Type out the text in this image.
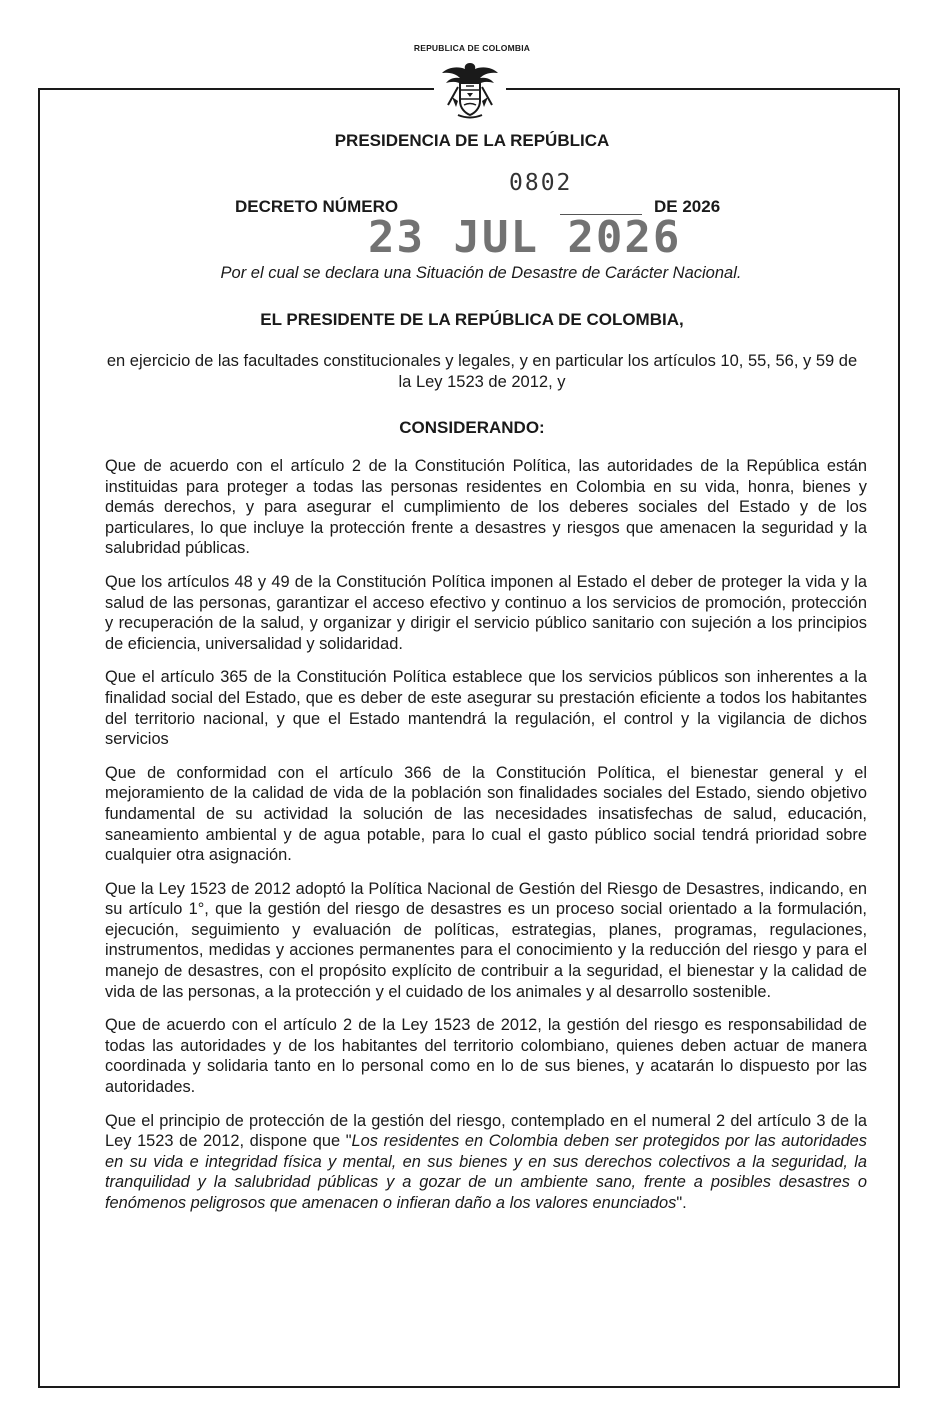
REPUBLICA DE COLOMBIA
PRESIDENCIA DE LA REPÚBLICA
0802
DECRETO NÚMERO	DE 2026
23 JUL 2026
Por el cual se declara una Situación de Desastre de Carácter Nacional.
EL PRESIDENTE DE LA REPÚBLICA DE COLOMBIA,
en ejercicio de las facultades constitucionales y legales, y en particular los artículos 10, 55, 56, y 59 de la Ley 1523 de 2012, y
CONSIDERANDO:

Que de acuerdo con el artículo 2 de la Constitución Política, las autoridades de la República están instituidas para proteger a todas las personas residentes en Colombia en su vida, honra, bienes y demás derechos, y para asegurar el cumplimiento de los deberes sociales del Estado y de los particulares, lo que incluye la protección frente a desastres y riesgos que amenacen la seguridad y la salubridad públicas.

Que los artículos 48 y 49 de la Constitución Política imponen al Estado el deber de proteger la vida y la salud de las personas, garantizar el acceso efectivo y continuo a los servicios de promoción, protección y recuperación de la salud, y organizar y dirigir el servicio público sanitario con sujeción a los principios de eficiencia, universalidad y solidaridad.

Que el artículo 365 de la Constitución Política establece que los servicios públicos son inherentes a la finalidad social del Estado, que es deber de este asegurar su prestación eficiente a todos los habitantes del territorio nacional, y que el Estado mantendrá la regulación, el control y la vigilancia de dichos servicios

Que de conformidad con el artículo 366 de la Constitución Política, el bienestar general y el mejoramiento de la calidad de vida de la población son finalidades sociales del Estado, siendo objetivo fundamental de su actividad la solución de las necesidades insatisfechas de salud, educación, saneamiento ambiental y de agua potable, para lo cual el gasto público social tendrá prioridad sobre cualquier otra asignación.

Que la Ley 1523 de 2012 adoptó la Política Nacional de Gestión del Riesgo de Desastres, indicando, en su artículo 1°, que la gestión del riesgo de desastres es un proceso social orientado a la formulación, ejecución, seguimiento y evaluación de políticas, estrategias, planes, programas, regulaciones, instrumentos, medidas y acciones permanentes para el conocimiento y la reducción del riesgo y para el manejo de desastres, con el propósito explícito de contribuir a la seguridad, el bienestar y la calidad de vida de las personas, a la protección y el cuidado de los animales y al desarrollo sostenible.

Que de acuerdo con el artículo 2 de la Ley 1523 de 2012, la gestión del riesgo es responsabilidad de todas las autoridades y de los habitantes del territorio colombiano, quienes deben actuar de manera coordinada y solidaria tanto en lo personal como en lo de sus bienes, y acatarán lo dispuesto por las autoridades.

Que el principio de protección de la gestión del riesgo, contemplado en el numeral 2 del artículo 3 de la Ley 1523 de 2012, dispone que "Los residentes en Colombia deben ser protegidos por las autoridades en su vida e integridad física y mental, en sus bienes y en sus derechos colectivos a la seguridad, la tranquilidad y la salubridad públicas y a gozar de un ambiente sano, frente a posibles desastres o fenómenos peligrosos que amenacen o infieran daño a los valores enunciados".
